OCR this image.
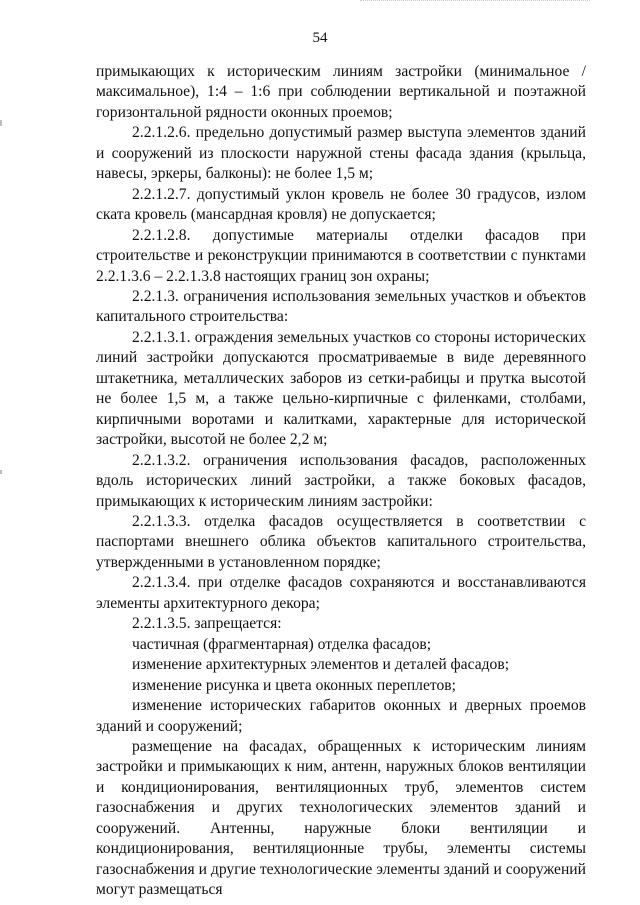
54

примыкающих к историческим линиям застройки (минимальное / максимальное), 1:4 – 1:6 при соблюдении вертикальной и поэтажной горизонтальной рядности оконных проемов;

2.2.1.2.6. предельно допустимый размер выступа элементов зданий и сооружений из плоскости наружной стены фасада здания (крыльца, навесы, эркеры, балконы): не более 1,5 м;

2.2.1.2.7. допустимый уклон кровель не более 30 градусов, излом ската кровель (мансардная кровля) не допускается;

2.2.1.2.8. допустимые материалы отделки фасадов при строительстве и реконструкции принимаются в соответствии с пунктами 2.2.1.3.6 – 2.2.1.3.8 настоящих границ зон охраны;

2.2.1.3. ограничения использования земельных участков и объектов капитального строительства:

2.2.1.3.1. ограждения земельных участков со стороны исторических линий застройки допускаются просматриваемые в виде деревянного штакетника, металлических заборов из сетки-рабицы и прутка высотой не более 1,5 м, а также цельно-кирпичные с филенками, столбами, кирпичными воротами и калитками, характерные для исторической застройки, высотой не более 2,2 м;

2.2.1.3.2. ограничения использования фасадов, расположенных вдоль исторических линий застройки, а также боковых фасадов, примыкающих к историческим линиям застройки:

2.2.1.3.3. отделка фасадов осуществляется в соответствии с паспортами внешнего облика объектов капитального строительства, утвержденными в установленном порядке;

2.2.1.3.4. при отделке фасадов сохраняются и восстанавливаются элементы архитектурного декора;

2.2.1.3.5. запрещается:

частичная (фрагментарная) отделка фасадов;

изменение архитектурных элементов и деталей фасадов;

изменение рисунка и цвета оконных переплетов;

изменение исторических габаритов оконных и дверных проемов зданий и сооружений;

размещение на фасадах, обращенных к историческим линиям застройки и примыкающих к ним, антенн, наружных блоков вентиляции и кондиционирования, вентиляционных труб, элементов систем газоснабжения и других технологических элементов зданий и сооружений. Антенны, наружные блоки вентиляции и кондиционирования, вентиляционные трубы, элементы системы газоснабжения и другие технологические элементы зданий и сооружений могут размещаться
